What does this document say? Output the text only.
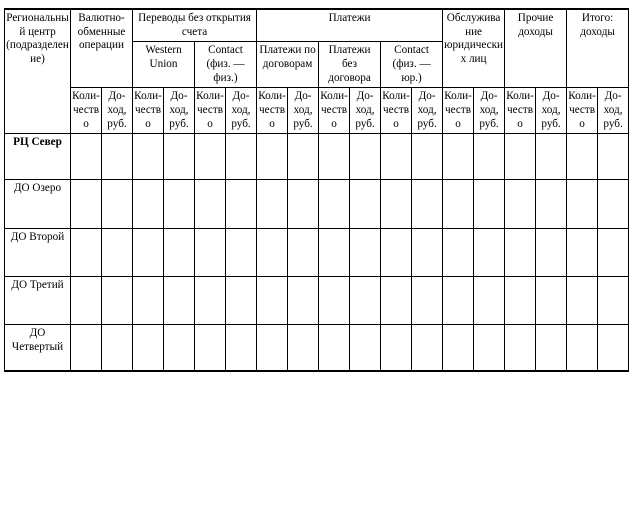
Региональный центр (подразделение)	Валютно-обменные операции		Переводы без открытия счета				Платежи						Обслуживание юридических лиц		Прочие доходы		Итого: доходы	
			Western Union		Contact (физ. — физ.)		Платежи по договорам		Платежи без договора		Contact (физ. — юр.)							
	Коли-чество	До-ход, руб.	Коли-чество	До-ход, руб.	Коли-чество	До-ход, руб.	Коли-чество	До-ход, руб.	Коли-чество	До-ход, руб.	Коли-чество	До-ход, руб.	Коли-чество	До-ход, руб.	Коли-чество	До-ход, руб.	Коли-чество	До-ход, руб.
РЦ Север																		
ДО Озеро																		
ДО Второй																		
ДО Третий																		
ДО Четвертый																		
